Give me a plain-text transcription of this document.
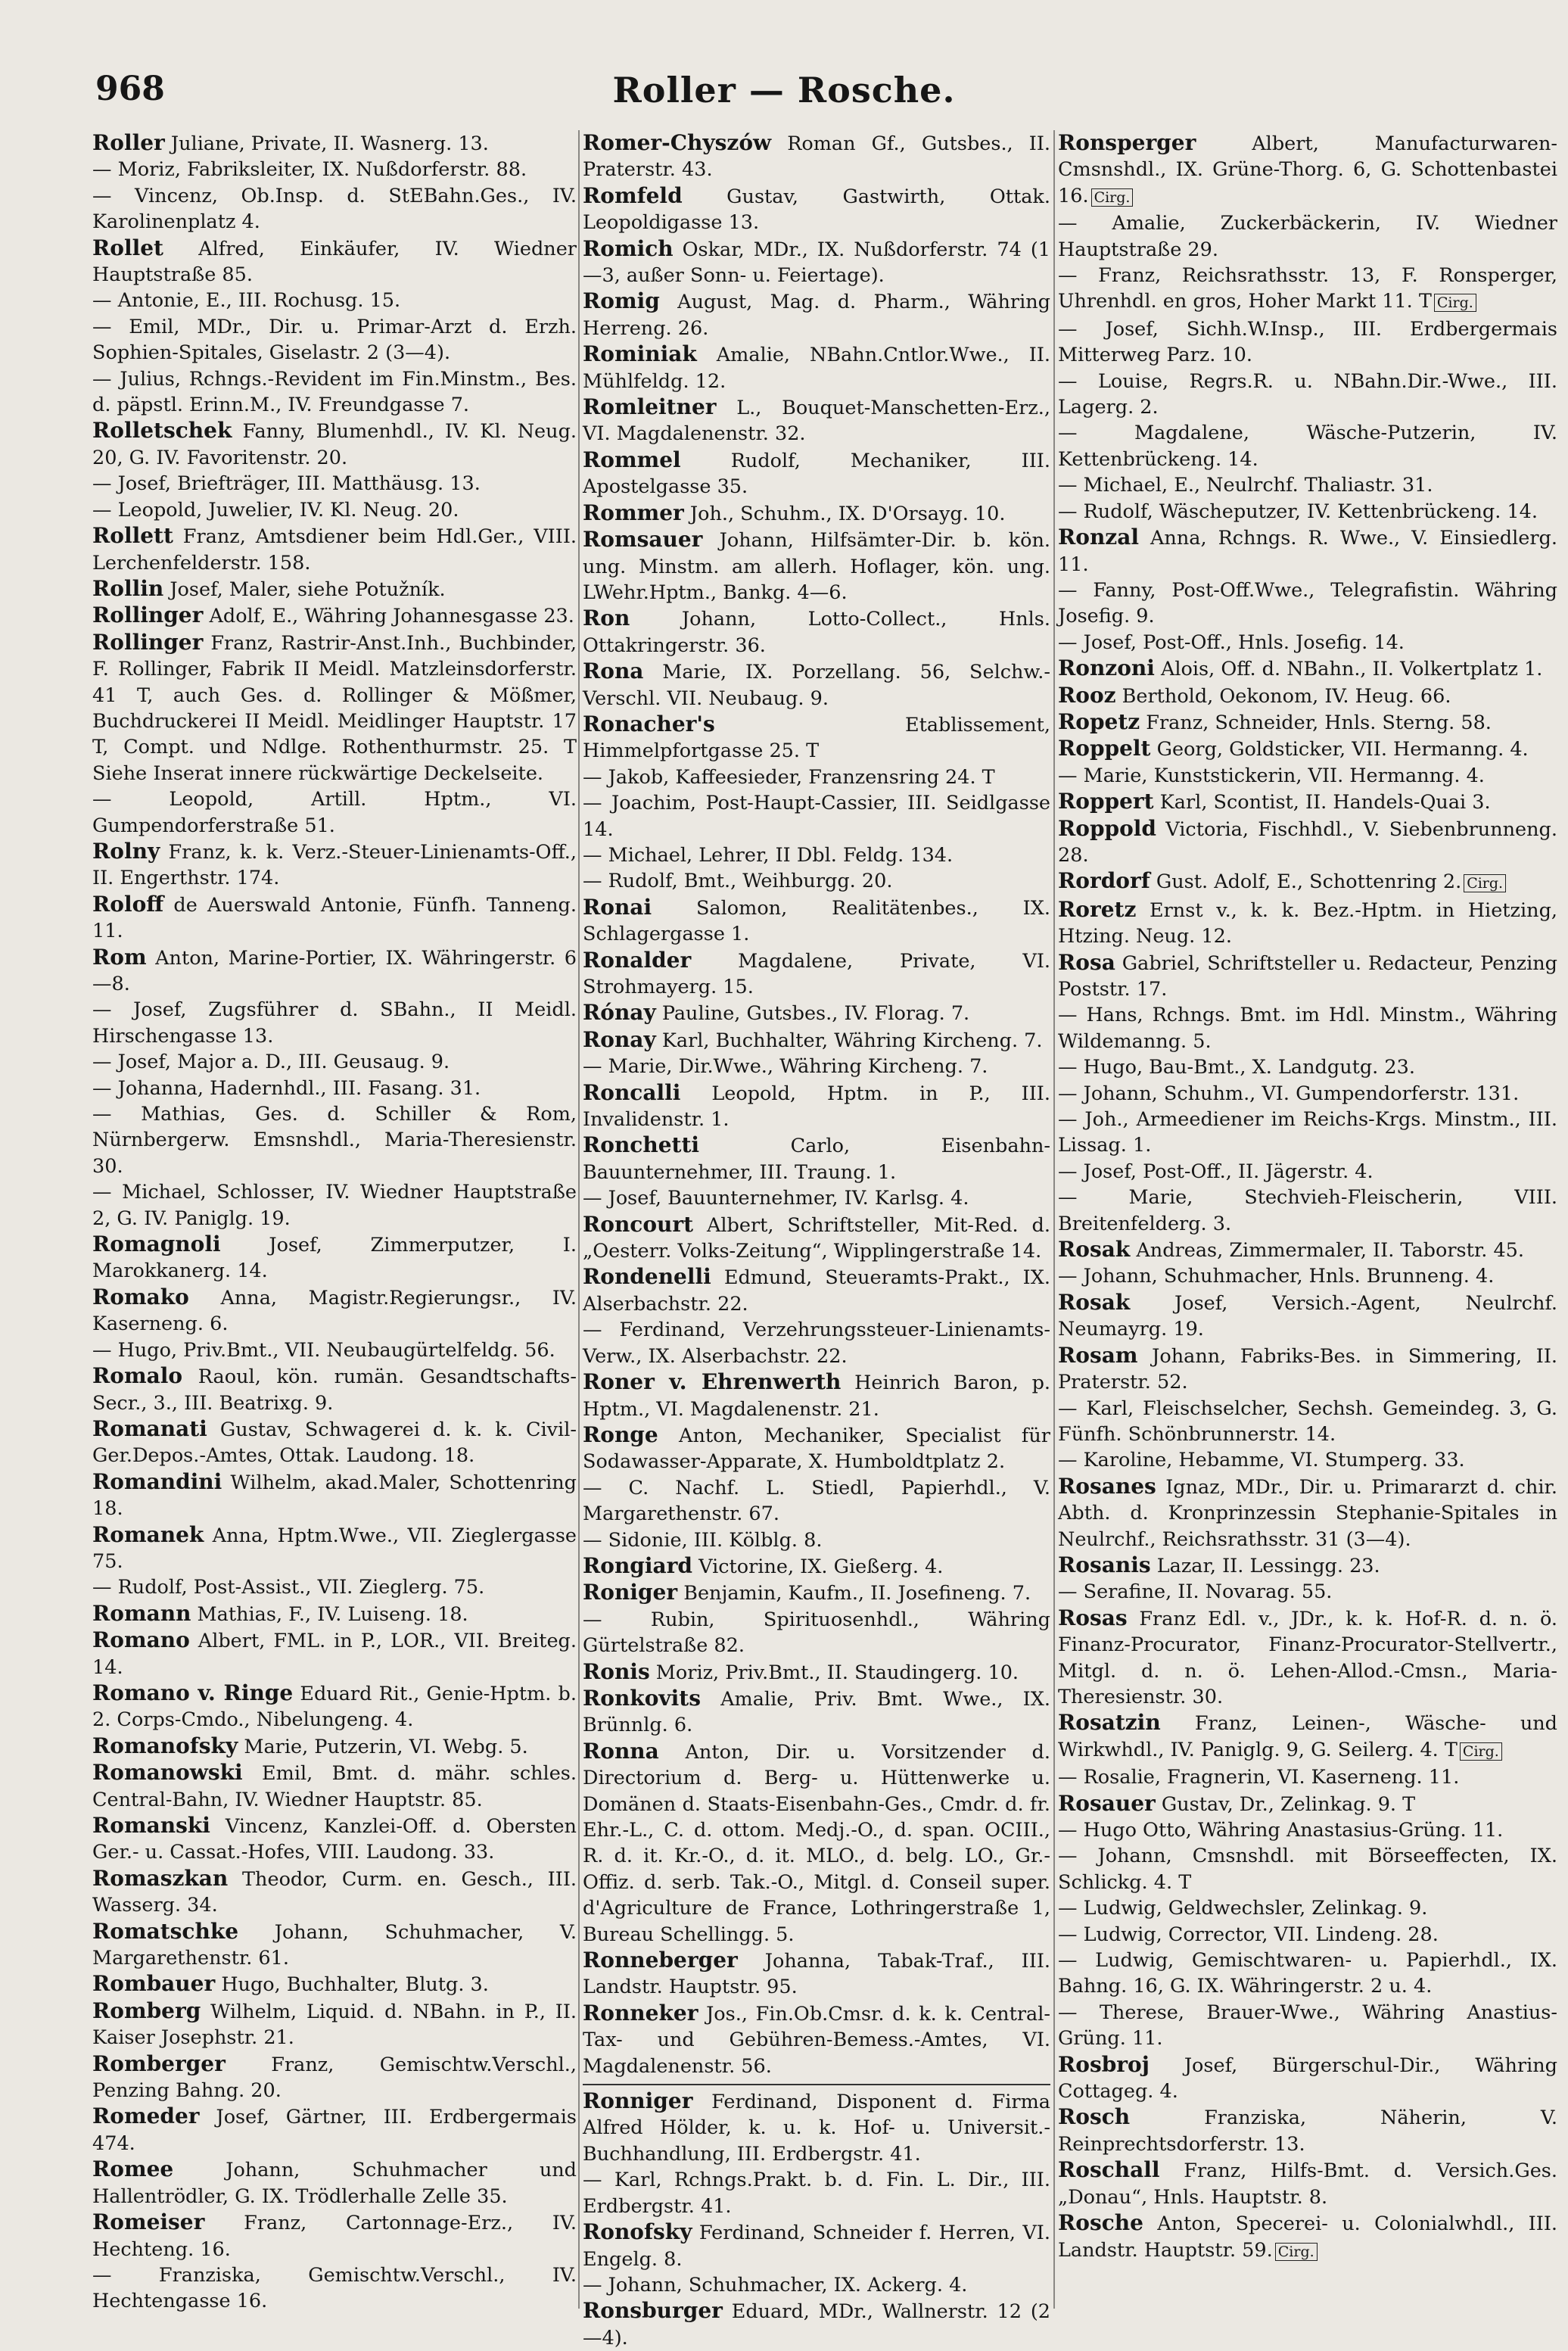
Roller — Rosche.
968
Roller Juliane, Private, II. Wasnerg. 13.
— Moriz, Fabriksleiter, IX. Nußdorferstr. 88.
— Vincenz, Ob.Insp. d. StEBahn.Ges., IV. Karolinenplatz 4.
Rollet Alfred, Einkäufer, IV. Wiedner Hauptstraße 85.
— Antonie, E., III. Rochusg. 15.
— Emil, MDr., Dir. u. Primar-Arzt d. Erzh. Sophien-Spitales, Giselastr. 2 (3—4).
— Julius, Rchngs.-Revident im Fin.Minstm., Bes. d. päpstl. Erinn.M., IV. Freundgasse 7.
Rolletschek Fanny, Blumenhdl., IV. Kl. Neug. 20, G. IV. Favoritenstr. 20.
— Josef, Briefträger, III. Matthäusg. 13.
— Leopold, Juwelier, IV. Kl. Neug. 20.
Rollett Franz, Amtsdiener beim Hdl.Ger., VIII. Lerchenfelderstr. 158.
Rollin Josef, Maler, siehe Potužník.
Rollinger Adolf, E., Währing Johannesgasse 23.
Rollinger Franz, Rastrir-Anst.Inh., Buchbinder, F. Rollinger, Fabrik II Meidl. Matzleinsdorferstr. 41 T, auch Ges. d. Rollinger & Mößmer, Buchdruckerei II Meidl. Meidlinger Hauptstr. 17 T, Compt. und Ndlge. Rothenthurmstr. 25. T Siehe Inserat innere rückwärtige Deckelseite.
— Leopold, Artill. Hptm., VI. Gumpendorferstraße 51.
Rolny Franz, k. k. Verz.-Steuer-Linienamts-Off., II. Engerthstr. 174.
Roloff de Auerswald Antonie, Fünfh. Tanneng. 11.
Rom Anton, Marine-Portier, IX. Währingerstr. 6—8.
— Josef, Zugsführer d. SBahn., II Meidl. Hirschengasse 13.
— Josef, Major a. D., III. Geusaug. 9.
— Johanna, Hadernhdl., III. Fasang. 31.
— Mathias, Ges. d. Schiller & Rom, Nürnbergerw. Emsnshdl., Maria-Theresienstr. 30.
— Michael, Schlosser, IV. Wiedner Hauptstraße 2, G. IV. Paniglg. 19.
Romagnoli Josef, Zimmerputzer, I. Marokkanerg. 14.
Romako Anna, Magistr.Regierungsr., IV. Kaserneng. 6.
— Hugo, Priv.Bmt., VII. Neubaugürtelfeldg. 56.
Romalo Raoul, kön. rumän. Gesandtschafts-Secr., 3., III. Beatrixg. 9.
Romanati Gustav, Schwagerei d. k. k. Civil-Ger.Depos.-Amtes, Ottak. Laudong. 18.
Romandini Wilhelm, akad.Maler, Schottenring 18.
Romanek Anna, Hptm.Wwe., VII. Zieglergasse 75.
— Rudolf, Post-Assist., VII. Zieglerg. 75.
Romann Mathias, F., IV. Luiseng. 18.
Romano Albert, FML. in P., LOR., VII. Breiteg. 14.
Romano v. Ringe Eduard Rit., Genie-Hptm. b. 2. Corps-Cmdo., Nibelungeng. 4.
Romanofsky Marie, Putzerin, VI. Webg. 5.
Romanowski Emil, Bmt. d. mähr. schles. Central-Bahn, IV. Wiedner Hauptstr. 85.
Romanski Vincenz, Kanzlei-Off. d. Obersten Ger.- u. Cassat.-Hofes, VIII. Laudong. 33.
Romaszkan Theodor, Curm. en. Gesch., III. Wasserg. 34.
Romatschke Johann, Schuhmacher, V. Margarethenstr. 61.
Rombauer Hugo, Buchhalter, Blutg. 3.
Romberg Wilhelm, Liquid. d. NBahn. in P., II. Kaiser Josephstr. 21.
Romberger Franz, Gemischtw.Verschl., Penzing Bahng. 20.
Romeder Josef, Gärtner, III. Erdbergermais 474.
Romee Johann, Schuhmacher und Hallentrödler, G. IX. Trödlerhalle Zelle 35.
Romeiser Franz, Cartonnage-Erz., IV. Hechteng. 16.
— Franziska, Gemischtw.Verschl., IV. Hechtengasse 16.
Romer-Chyszów Roman Gf., Gutsbes., II. Praterstr. 43.
Romfeld Gustav, Gastwirth, Ottak. Leopoldigasse 13.
Romich Oskar, MDr., IX. Nußdorferstr. 74 (1—3, außer Sonn- u. Feiertage).
Romig August, Mag. d. Pharm., Währing Herreng. 26.
Rominiak Amalie, NBahn.Cntlor.Wwe., II. Mühlfeldg. 12.
Romleitner L., Bouquet-Manschetten-Erz., VI. Magdalenenstr. 32.
Rommel Rudolf, Mechaniker, III. Apostelgasse 35.
Rommer Joh., Schuhm., IX. D'Orsayg. 10.
Romsauer Johann, Hilfsämter-Dir. b. kön. ung. Minstm. am allerh. Hoflager, kön. ung. LWehr.Hptm., Bankg. 4—6.
Ron Johann, Lotto-Collect., Hnls. Ottakringerstr. 36.
Rona Marie, IX. Porzellang. 56, Selchw.-Verschl. VII. Neubaug. 9.
Ronacher's Etablissement, Himmelpfortgasse 25. T
— Jakob, Kaffeesieder, Franzensring 24. T
— Joachim, Post-Haupt-Cassier, III. Seidlgasse 14.
— Michael, Lehrer, II Dbl. Feldg. 134.
— Rudolf, Bmt., Weihburgg. 20.
Ronai Salomon, Realitätenbes., IX. Schlagergasse 1.
Ronalder Magdalene, Private, VI. Strohmayerg. 15.
Rónay Pauline, Gutsbes., IV. Florag. 7.
Ronay Karl, Buchhalter, Währing Kircheng. 7.
— Marie, Dir.Wwe., Währing Kircheng. 7.
Roncalli Leopold, Hptm. in P., III. Invalidenstr. 1.
Ronchetti Carlo, Eisenbahn-Bauunternehmer, III. Traung. 1.
— Josef, Bauunternehmer, IV. Karlsg. 4.
Roncourt Albert, Schriftsteller, Mit-Red. d. „Oesterr. Volks-Zeitung“, Wipplingerstraße 14.
Rondenelli Edmund, Steueramts-Prakt., IX. Alserbachstr. 22.
— Ferdinand, Verzehrungssteuer-Linienamts-Verw., IX. Alserbachstr. 22.
Roner v. Ehrenwerth Heinrich Baron, p. Hptm., VI. Magdalenenstr. 21.
Ronge Anton, Mechaniker, Specialist für Sodawasser-Apparate, X. Humboldtplatz 2.
— C. Nachf. L. Stiedl, Papierhdl., V. Margarethenstr. 67.
— Sidonie, III. Kölblg. 8.
Rongiard Victorine, IX. Gießerg. 4.
Roniger Benjamin, Kaufm., II. Josefineng. 7.
— Rubin, Spirituosenhdl., Währing Gürtelstraße 82.
Ronis Moriz, Priv.Bmt., II. Staudingerg. 10.
Ronkovits Amalie, Priv. Bmt. Wwe., IX. Brünnlg. 6.
Ronna Anton, Dir. u. Vorsitzender d. Directorium d. Berg- u. Hüttenwerke u. Domänen d. Staats-Eisenbahn-Ges., Cmdr. d. fr. Ehr.-L., C. d. ottom. Medj.-O., d. span. OCIII., R. d. it. Kr.-O., d. it. MLO., d. belg. LO., Gr.-Offiz. d. serb. Tak.-O., Mitgl. d. Conseil super. d'Agriculture de France, Lothringerstraße 1, Bureau Schellingg. 5.
Ronneberger Johanna, Tabak-Traf., III. Landstr. Hauptstr. 95.
Ronneker Jos., Fin.Ob.Cmsr. d. k. k. Central-Tax- und Gebühren-Bemess.-Amtes, VI. Magdalenenstr. 56.
Ronniger Ferdinand, Disponent d. Firma Alfred Hölder, k. u. k. Hof- u. Universit.-Buchhandlung, III. Erdbergstr. 41.
— Karl, Rchngs.Prakt. b. d. Fin. L. Dir., III. Erdbergstr. 41.
Ronofsky Ferdinand, Schneider f. Herren, VI. Engelg. 8.
— Johann, Schuhmacher, IX. Ackerg. 4.
Ronsburger Eduard, MDr., Wallnerstr. 12 (2—4).
Ronsperger Albert, Manufacturwaren-Cmsnshdl., IX. Grüne-Thorg. 6, G. Schottenbastei 16. Cirg.
— Amalie, Zuckerbäckerin, IV. Wiedner Hauptstraße 29.
— Franz, Reichsrathsstr. 13, F. Ronsperger, Uhrenhdl. en gros, Hoher Markt 11. T Cirg.
— Josef, Sichh.W.Insp., III. Erdbergermais Mitterweg Parz. 10.
— Louise, Regrs.R. u. NBahn.Dir.-Wwe., III. Lagerg. 2.
— Magdalene, Wäsche-Putzerin, IV. Kettenbrückeng. 14.
— Michael, E., Neulrchf. Thaliastr. 31.
— Rudolf, Wäscheputzer, IV. Kettenbrückeng. 14.
Ronzal Anna, Rchngs. R. Wwe., V. Einsiedlerg. 11.
— Fanny, Post-Off.Wwe., Telegrafistin. Währing Josefig. 9.
— Josef, Post-Off., Hnls. Josefig. 14.
Ronzoni Alois, Off. d. NBahn., II. Volkertplatz 1.
Rooz Berthold, Oekonom, IV. Heug. 66.
Ropetz Franz, Schneider, Hnls. Sterng. 58.
Roppelt Georg, Goldsticker, VII. Hermanng. 4.
— Marie, Kunststickerin, VII. Hermanng. 4.
Roppert Karl, Scontist, II. Handels-Quai 3.
Roppold Victoria, Fischhdl., V. Siebenbrunneng. 28.
Rordorf Gust. Adolf, E., Schottenring 2. Cirg.
Roretz Ernst v., k. k. Bez.-Hptm. in Hietzing, Htzing. Neug. 12.
Rosa Gabriel, Schriftsteller u. Redacteur, Penzing Poststr. 17.
— Hans, Rchngs. Bmt. im Hdl. Minstm., Währing Wildemanng. 5.
— Hugo, Bau-Bmt., X. Landgutg. 23.
— Johann, Schuhm., VI. Gumpendorferstr. 131.
— Joh., Armeediener im Reichs-Krgs. Minstm., III. Lissag. 1.
— Josef, Post-Off., II. Jägerstr. 4.
— Marie, Stechvieh-Fleischerin, VIII. Breitenfelderg. 3.
Rosak Andreas, Zimmermaler, II. Taborstr. 45.
— Johann, Schuhmacher, Hnls. Brunneng. 4.
Rosak Josef, Versich.-Agent, Neulrchf. Neumayrg. 19.
Rosam Johann, Fabriks-Bes. in Simmering, II. Praterstr. 52.
— Karl, Fleischselcher, Sechsh. Gemeindeg. 3, G. Fünfh. Schönbrunnerstr. 14.
— Karoline, Hebamme, VI. Stumperg. 33.
Rosanes Ignaz, MDr., Dir. u. Primararzt d. chir. Abth. d. Kronprinzessin Stephanie-Spitales in Neulrchf., Reichsrathsstr. 31 (3—4).
Rosanis Lazar, II. Lessingg. 23.
— Serafine, II. Novarag. 55.
Rosas Franz Edl. v., JDr., k. k. Hof-R. d. n. ö. Finanz-Procurator, Finanz-Procurator-Stellvertr., Mitgl. d. n. ö. Lehen-Allod.-Cmsn., Maria-Theresienstr. 30.
Rosatzin Franz, Leinen-, Wäsche- und Wirkwhdl., IV. Paniglg. 9, G. Seilerg. 4. T Cirg.
— Rosalie, Fragnerin, VI. Kaserneng. 11.
Rosauer Gustav, Dr., Zelinkag. 9. T
— Hugo Otto, Währing Anastasius-Grüng. 11.
— Johann, Cmsnshdl. mit Börseeffecten, IX. Schlickg. 4. T
— Ludwig, Geldwechsler, Zelinkag. 9.
— Ludwig, Corrector, VII. Lindeng. 28.
— Ludwig, Gemischtwaren- u. Papierhdl., IX. Bahng. 16, G. IX. Währingerstr. 2 u. 4.
— Therese, Brauer-Wwe., Währing Anastius-Grüng. 11.
Rosbroj Josef, Bürgerschul-Dir., Währing Cottageg. 4.
Rosch Franziska, Näherin, V. Reinprechtsdorferstr. 13.
Roschall Franz, Hilfs-Bmt. d. Versich.Ges. „Donau“, Hnls. Hauptstr. 8.
Rosche Anton, Specerei- u. Colonialwhdl., III. Landstr. Hauptstr. 59. Cirg.
